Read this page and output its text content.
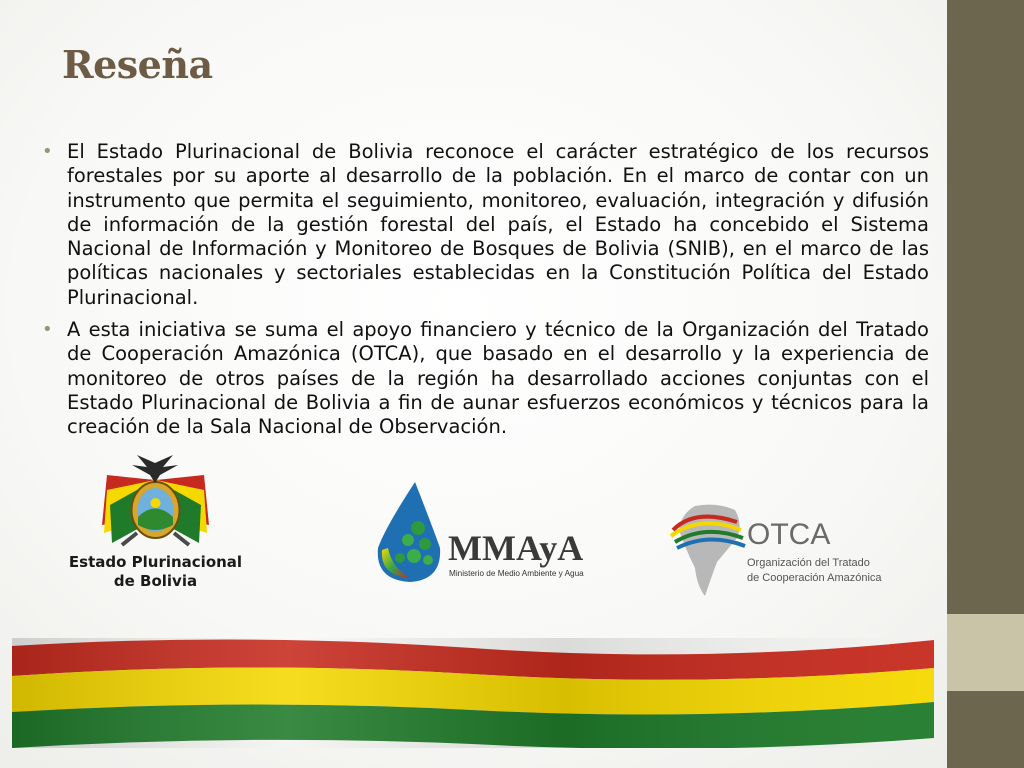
Reseña
• El Estado Plurinacional de Bolivia reconoce el carácter estratégico de los recursos forestales por su aporte al desarrollo de la población. En el marco de contar con un instrumento que permita el seguimiento, monitoreo, evaluación, integración y difusión de información de la gestión forestal del país, el Estado ha concebido el Sistema Nacional de Información y Monitoreo de Bosques de Bolivia (SNIB), en el marco de las políticas nacionales y sectoriales establecidas en la Constitución Política del Estado Plurinacional.
• A esta iniciativa se suma el apoyo financiero y técnico de la Organización del Tratado de Cooperación Amazónica (OTCA), que basado en el desarrollo y la experiencia de monitoreo de otros países de la región ha desarrollado acciones conjuntas con el Estado Plurinacional de Bolivia a fin de aunar esfuerzos económicos y técnicos para la creación de la Sala Nacional de Observación.
Estado Plurinacional
de Bolivia
MMAyA
Ministerio de Medio Ambiente y Agua
OTCA
Organización del Tratado
de Cooperación Amazónica
